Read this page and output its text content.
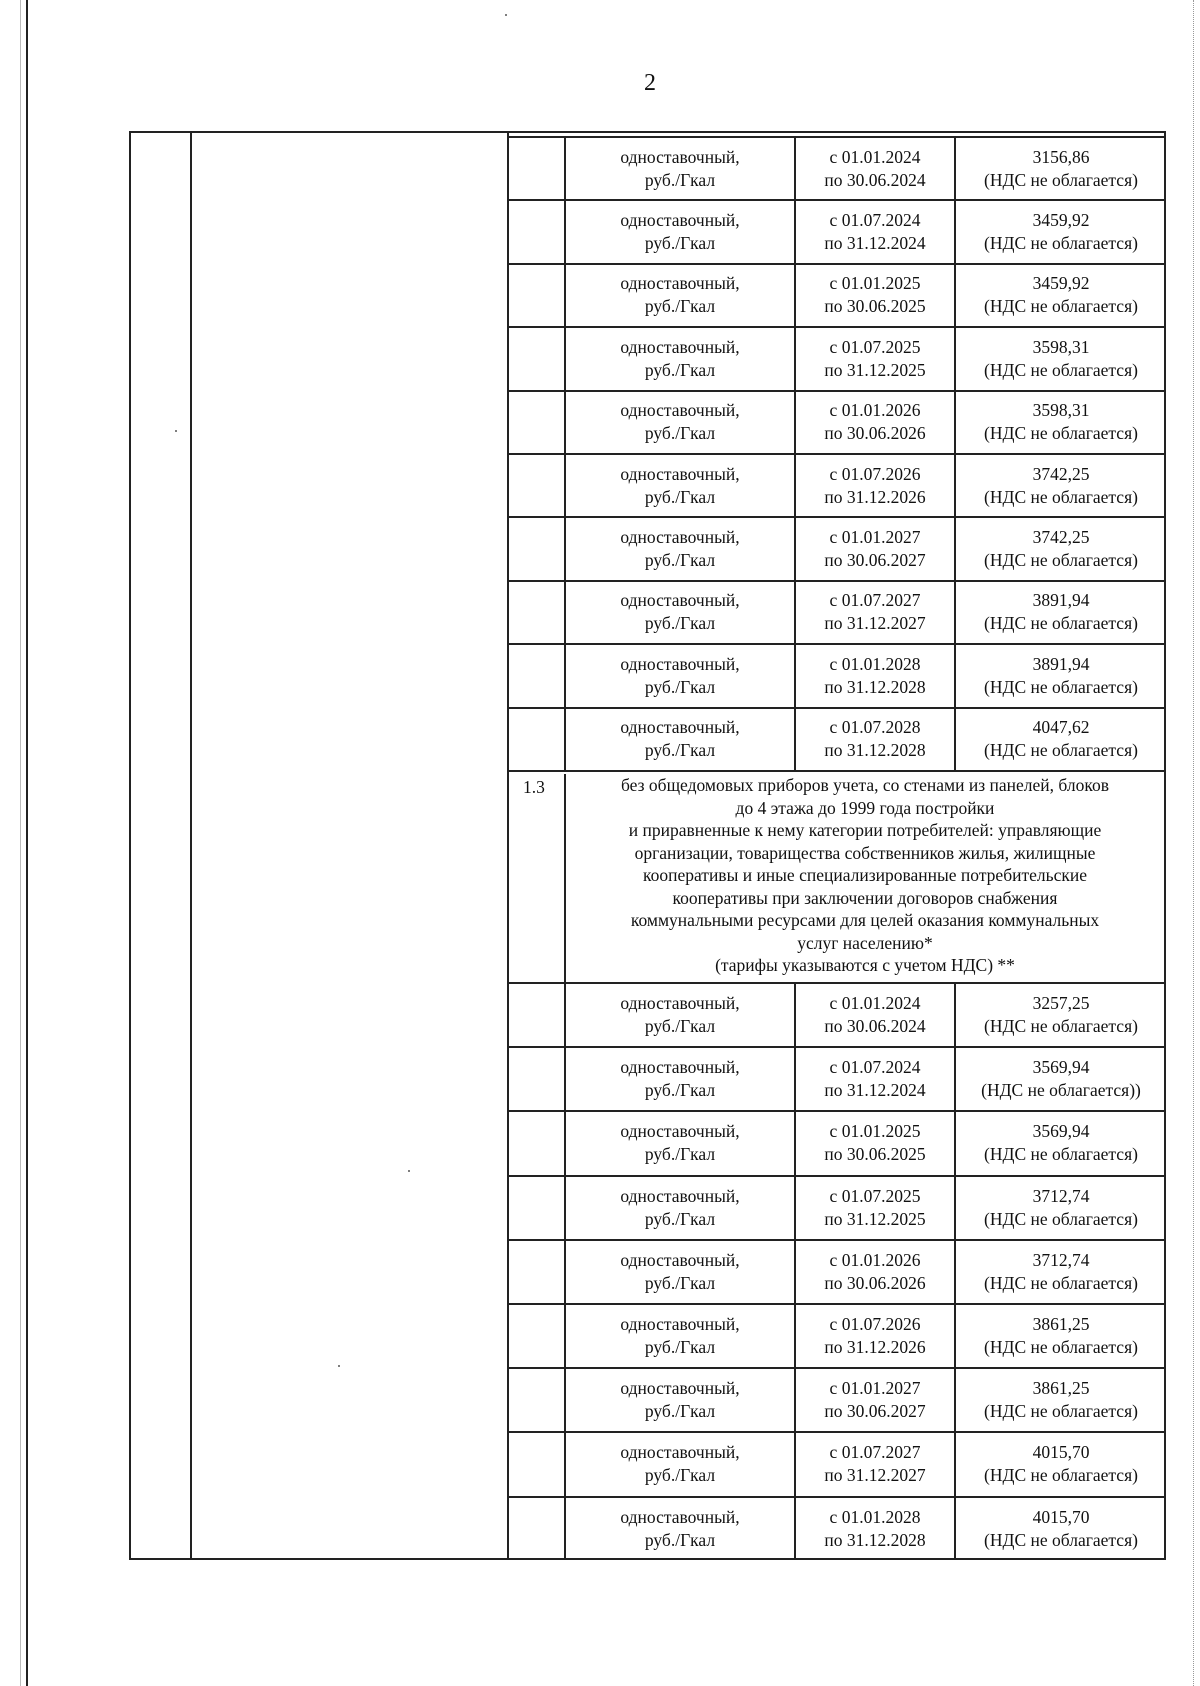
2
одноставочный,
руб./Гкал
с 01.01.2024
по 30.06.2024
3156,86
(НДС не облагается)
одноставочный,
руб./Гкал
с 01.07.2024
по 31.12.2024
3459,92
(НДС не облагается)
одноставочный,
руб./Гкал
с 01.01.2025
по 30.06.2025
3459,92
(НДС не облагается)
одноставочный,
руб./Гкал
с 01.07.2025
по 31.12.2025
3598,31
(НДС не облагается)
одноставочный,
руб./Гкал
с 01.01.2026
по 30.06.2026
3598,31
(НДС не облагается)
одноставочный,
руб./Гкал
с 01.07.2026
по 31.12.2026
3742,25
(НДС не облагается)
одноставочный,
руб./Гкал
с 01.01.2027
по 30.06.2027
3742,25
(НДС не облагается)
одноставочный,
руб./Гкал
с 01.07.2027
по 31.12.2027
3891,94
(НДС не облагается)
одноставочный,
руб./Гкал
с 01.01.2028
по 31.12.2028
3891,94
(НДС не облагается)
одноставочный,
руб./Гкал
с 01.07.2028
по 31.12.2028
4047,62
(НДС не облагается)
1.3	без общедомовых приборов учета, со стенами из панелей, блоков
до 4 этажа до 1999 года постройки
и приравненные к нему категории потребителей: управляющие
организации, товарищества собственников жилья, жилищные
кооперативы и иные специализированные потребительские
кооперативы при заключении договоров снабжения
коммунальными ресурсами для целей оказания коммунальных
услуг населению*
(тарифы указываются с учетом НДС) **
одноставочный,
руб./Гкал
с 01.01.2024
по 30.06.2024
3257,25
(НДС не облагается)
одноставочный,
руб./Гкал
с 01.07.2024
по 31.12.2024
3569,94
(НДС не облагается))
одноставочный,
руб./Гкал
с 01.01.2025
по 30.06.2025
3569,94
(НДС не облагается)
одноставочный,
руб./Гкал
с 01.07.2025
по 31.12.2025
3712,74
(НДС не облагается)
одноставочный,
руб./Гкал
с 01.01.2026
по 30.06.2026
3712,74
(НДС не облагается)
одноставочный,
руб./Гкал
с 01.07.2026
по 31.12.2026
3861,25
(НДС не облагается)
одноставочный,
руб./Гкал
с 01.01.2027
по 30.06.2027
3861,25
(НДС не облагается)
одноставочный,
руб./Гкал
с 01.07.2027
по 31.12.2027
4015,70
(НДС не облагается)
одноставочный,
руб./Гкал
с 01.01.2028
по 31.12.2028
4015,70
(НДС не облагается)
